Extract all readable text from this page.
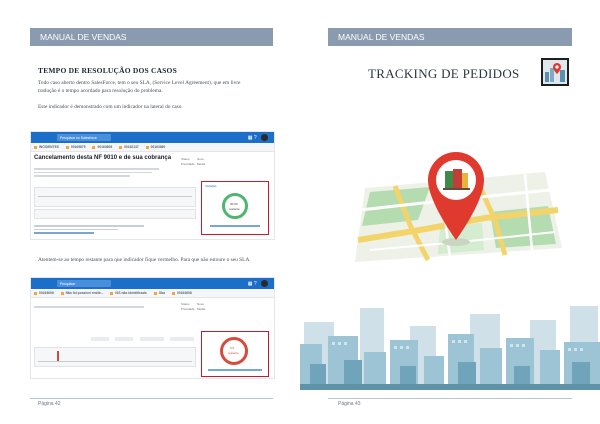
MANUAL DE VENDAS
TEMPO DE RESOLUÇÃO DOS CASOS
Todo caso aberto dentro SalesForce, tem o seu SLA, (Service Level Agreement), que em livre tradução é o tempo acordado para resolução do problema.
Este indicador é demonstrado com um indicador na lateral do caso.
Pesquisar no Salesforce	▦ ?
INCIDENTES	00165875	00163608	00162137	00163860
Cancelamento desta NF 9010 e de sua cobrança	Status Novo
Prioridade Média
Violação
00:00
restante
Atentem-se ao tempo restante para que indicador fique vermelho. Para que não estoure o seu SLA
Pesquisar	▦ ?
00163608	Não foi possível emitir...	ISS não identificado	Oba	00163608
Status Novo
Prioridade Média

0:0
restante
Página 42
MANUAL DE VENDAS
TRACKING DE PEDIDOS
Página 43
